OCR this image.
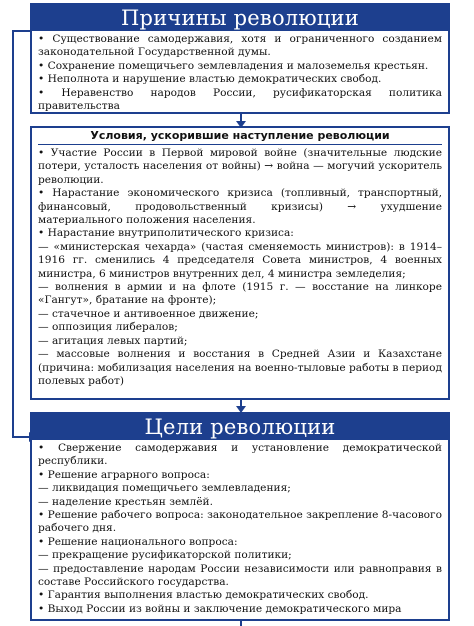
Причины революции
• Существование самодержавия, хотя и ограниченного созданием законодательной Государственной думы.
• Сохранение помещичьего землевладения и малоземелья крестьян.
• Неполнота и нарушение властью демократических свобод.
• Неравенство народов России, русификаторская политика правительства
Условия, ускорившие наступление революции
• Участие России в Первой мировой войне (значительные людские потери, усталость населения от войны) → война — могучий ускоритель революции.
• Нарастание экономического кризиса (топливный, транспортный, финансовый, продовольственный кризисы) → ухудшение материального положения населения.
• Нарастание внутриполитического кризиса:
— «министерская чехарда» (частая сменяемость министров): в 1914–1916 гг. сменились 4 председателя Совета министров, 4 военных министра, 6 министров внутренних дел, 4 министра земледелия;
— волнения в армии и на флоте (1915 г. — восстание на линкоре «Гангут», братание на фронте);
— стачечное и антивоенное движение;
— оппозиция либералов;
— агитация левых партий;
— массовые волнения и восстания в Средней Азии и Казахстане (причина: мобилизация населения на военно-тыловые работы в период полевых работ)
Цели революции
• Свержение самодержавия и установление демократической республики.
• Решение аграрного вопроса:
— ликвидация помещичьего землевладения;
— наделение крестьян землёй.
• Решение рабочего вопроса: законодательное закрепление 8-часового рабочего дня.
• Решение национального вопроса:
— прекращение русификаторской политики;
— предоставление народам России независимости или равноправия в составе Российского государства.
• Гарантия выполнения властью демократических свобод.
• Выход России из войны и заключение демократического мира
